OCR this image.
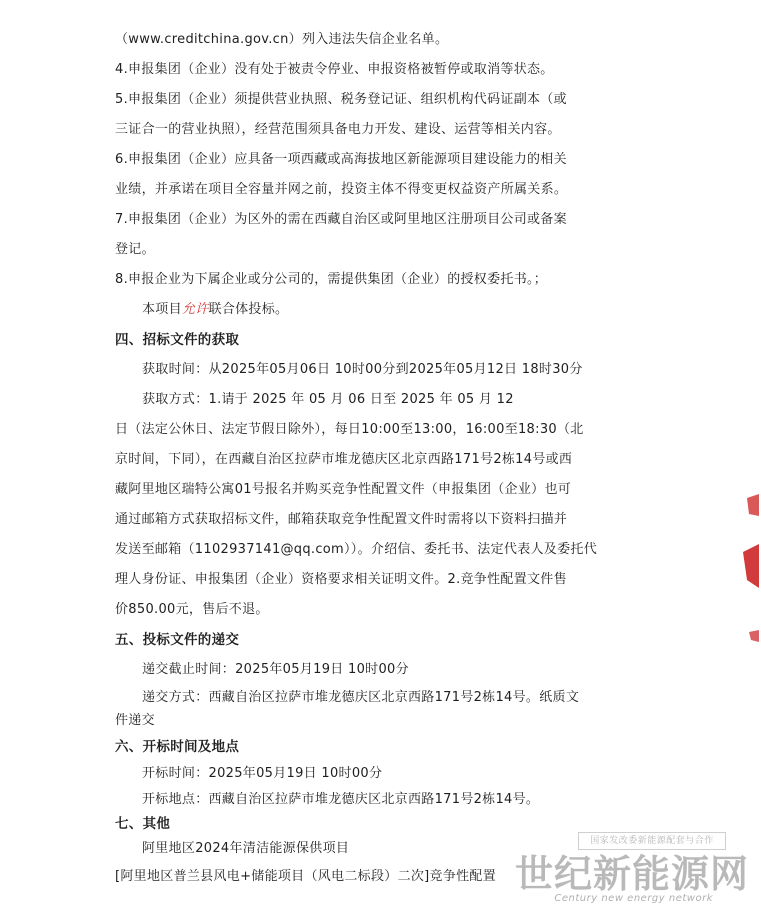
（www.creditchina.gov.cn）列入违法失信企业名单。
4.申报集团（企业）没有处于被责令停业、申报资格被暂停或取消等状态。
5.申报集团（企业）须提供营业执照、税务登记证、组织机构代码证副本（或
三证合一的营业执照），经营范围须具备电力开发、建设、运营等相关内容。
6.申报集团（企业）应具备一项西藏或高海拔地区新能源项目建设能力的相关
业绩，并承诺在项目全容量并网之前，投资主体不得变更权益资产所属关系。
7.申报集团（企业）为区外的需在西藏自治区或阿里地区注册项目公司或备案
登记。
8.申报企业为下属企业或分公司的，需提供集团（企业）的授权委托书。；
本项目允许联合体投标。
四、招标文件的获取
获取时间：从2025年05月06日 10时00分到2025年05月12日 18时30分
获取方式：1.请于 2025 年 05 月 06 日至 2025 年 05 月 12
日（法定公休日、法定节假日除外），每日10:00至13:00，16:00至18:30（北
京时间，下同），在西藏自治区拉萨市堆龙德庆区北京西路171号2栋14号或西
藏阿里地区瑞特公寓01号报名并购买竞争性配置文件（申报集团（企业）也可
通过邮箱方式获取招标文件，邮箱获取竞争性配置文件时需将以下资料扫描并
发送至邮箱（1102937141@qq.com））。介绍信、委托书、法定代表人及委托代
理人身份证、申报集团（企业）资格要求相关证明文件。2.竞争性配置文件售
价850.00元，售后不退。
五、投标文件的递交
递交截止时间：2025年05月19日 10时00分
递交方式：西藏自治区拉萨市堆龙德庆区北京西路171号2栋14号。纸质文
件递交
六、开标时间及地点
开标时间：2025年05月19日 10时00分
开标地点：西藏自治区拉萨市堆龙德庆区北京西路171号2栋14号。
七、其他
阿里地区2024年清洁能源保供项目
[阿里地区普兰县风电+储能项目（风电二标段）二次]竞争性配置
国家发改委新能源配套与合作
世纪新能源网
Century new energy network
